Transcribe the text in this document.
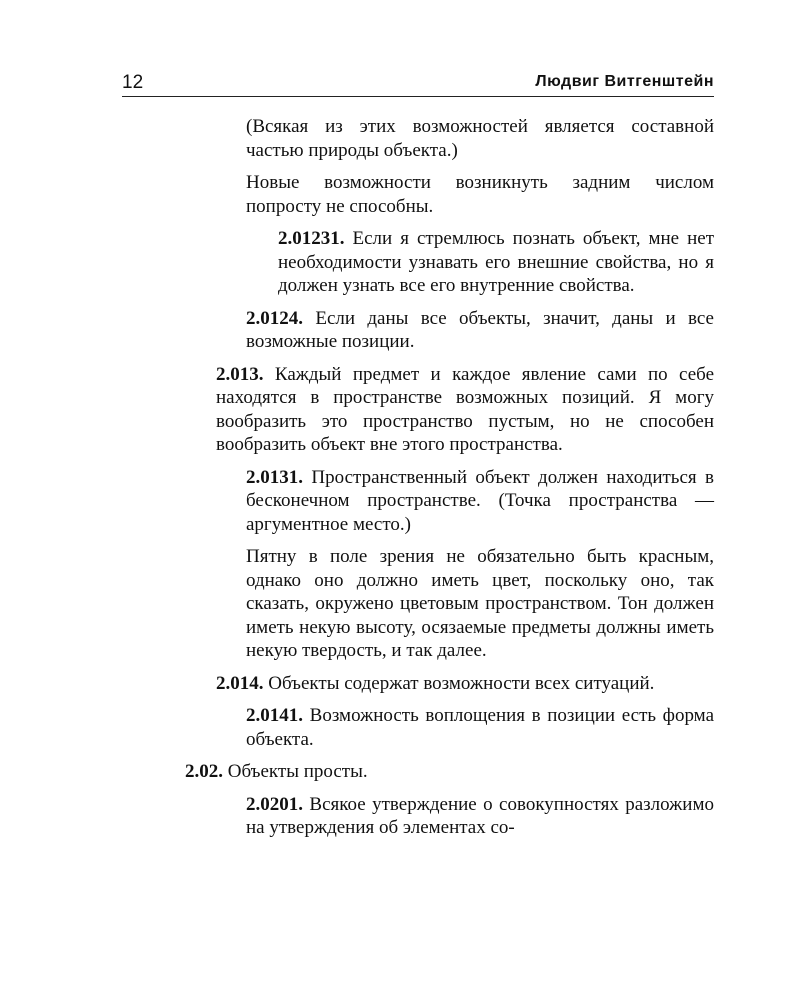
12	Людвиг Витгенштейн

(Всякая из этих возможностей является составной частью природы объекта.)

Новые возможности возникнуть задним числом попросту не способны.

2.01231. Если я стремлюсь познать объект, мне нет необходимости узнавать его внешние свойства, но я должен узнать все его внутренние свойства.

2.0124. Если даны все объекты, значит, даны и все возможные позиции.

2.013. Каждый предмет и каждое явление сами по себе находятся в пространстве возможных позиций. Я могу вообразить это пространство пустым, но не способен вообразить объект вне этого пространства.

2.0131. Пространственный объект должен находиться в бесконечном пространстве. (Точка пространства — аргументное место.)

Пятну в поле зрения не обязательно быть красным, однако оно должно иметь цвет, поскольку оно, так сказать, окружено цветовым пространством. Тон должен иметь некую высоту, осязаемые предметы должны иметь некую твердость, и так далее.

2.014. Объекты содержат возможности всех ситуаций.

2.0141. Возможность воплощения в позиции есть форма объекта.

2.02. Объекты просты.

2.0201. Всякое утверждение о совокупностях разложимо на утверждения об элементах со-
